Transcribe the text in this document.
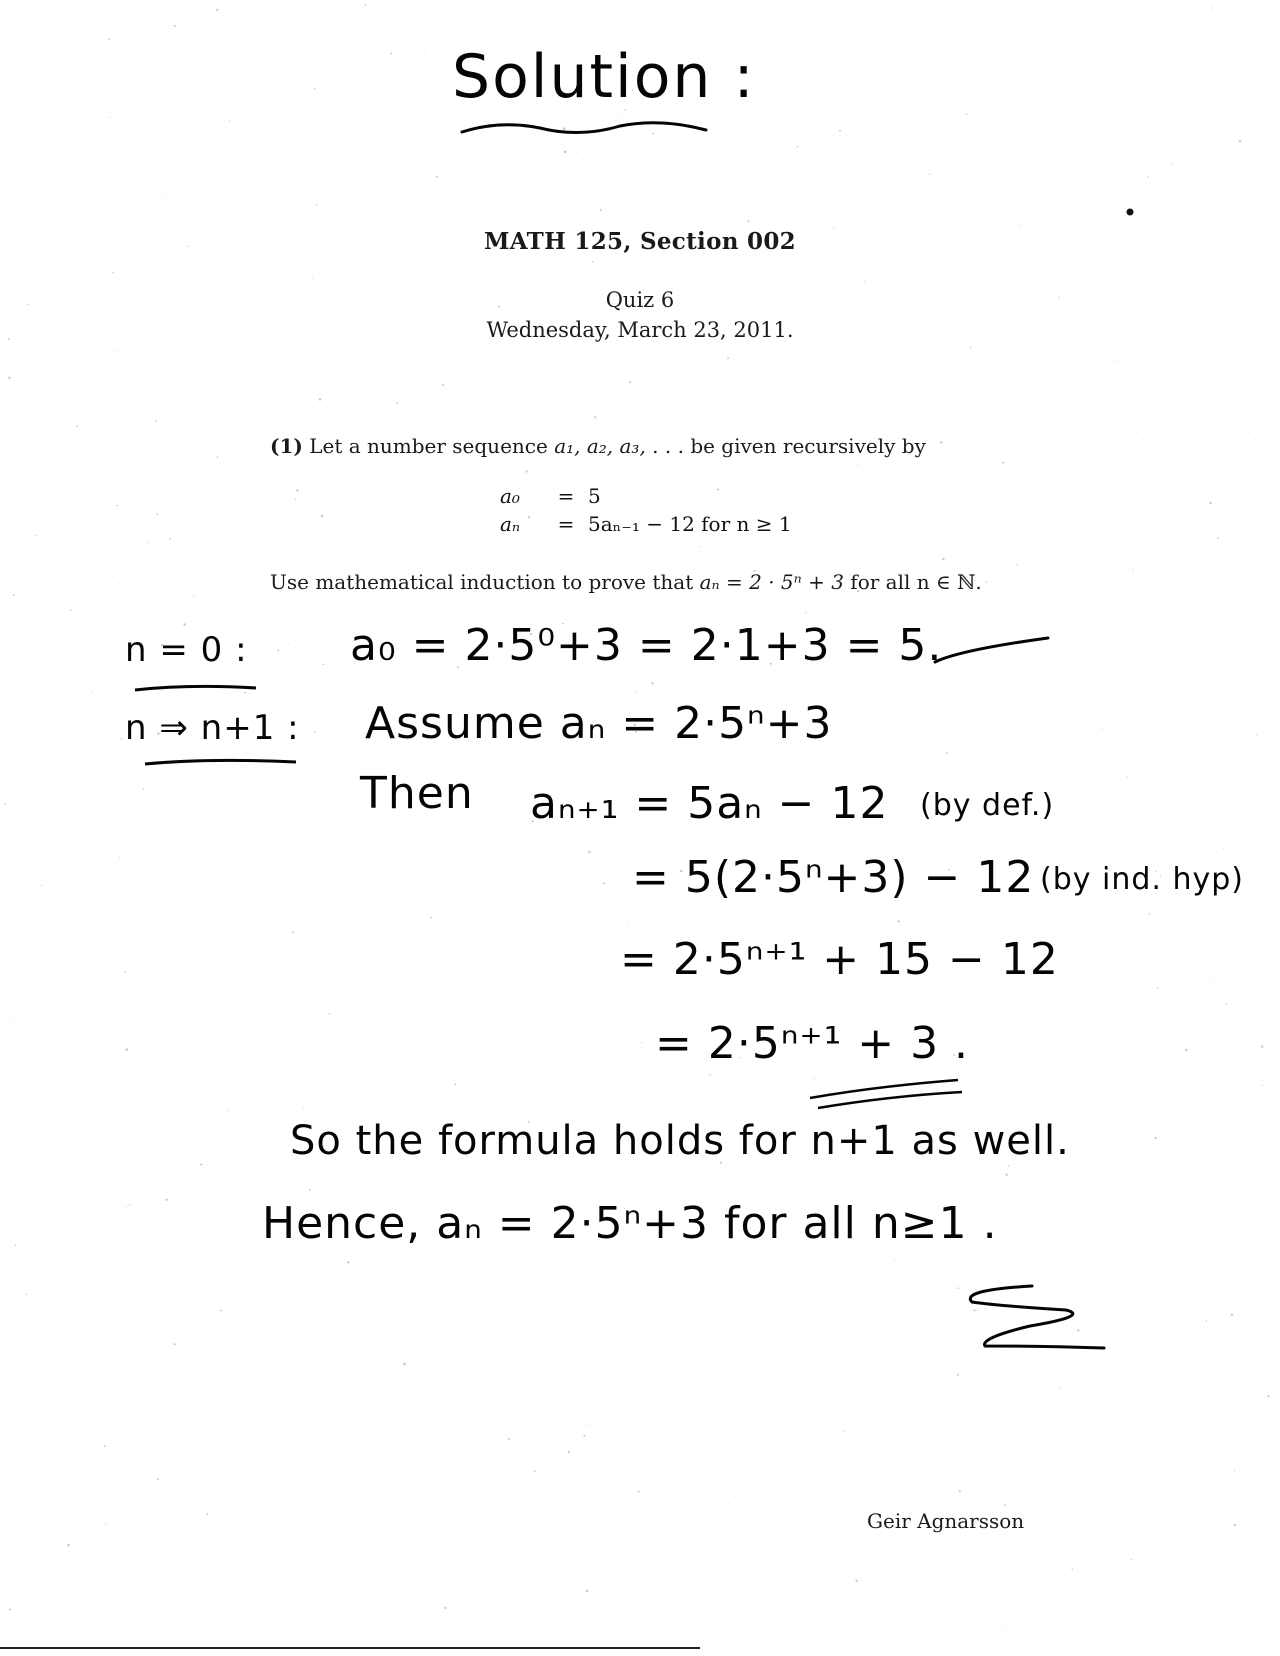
Solution :
MATH 125, Section 002
Quiz 6
Wednesday, March 23, 2011.
(1) Let a number sequence a₁, a₂, a₃, . . . be given recursively by
a₀	=	5
aₙ	=	5aₙ₋₁ − 12 for n ≥ 1
Use mathematical induction to prove that aₙ = 2 · 5ⁿ + 3 for all n ∈ ℕ.
n = 0 : a₀ = 2·5⁰+3 = 2·1+3 = 5.
n ⇒ n+1 : Assume aₙ = 2·5ⁿ+3
Then aₙ₊₁ = 5aₙ − 12 (by def.)
= 5(2·5ⁿ+3) − 12 (by ind. hyp)
= 2·5ⁿ⁺¹ + 15 − 12
= 2·5ⁿ⁺¹ + 3 .
So the formula holds for n+1 as well.
Hence, aₙ = 2·5ⁿ+3 for all n≥1 .
Geir Agnarsson
